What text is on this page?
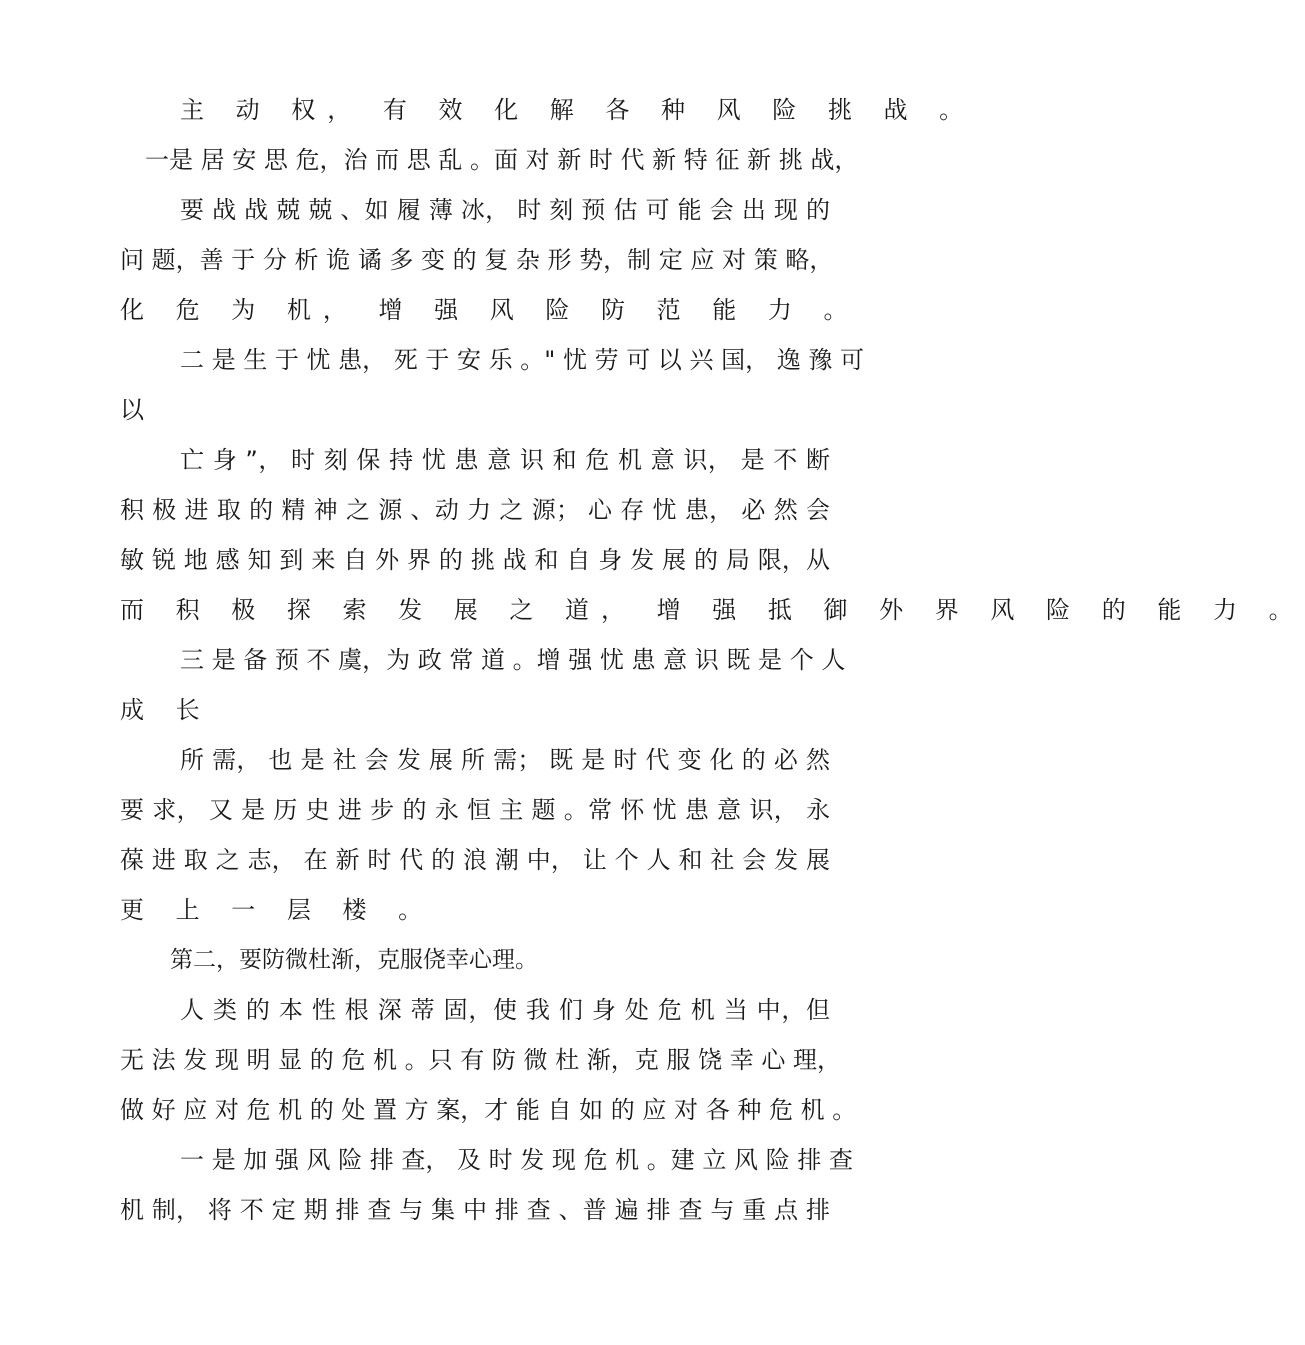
主 动 权， 有 效 化 解 各 种 风 险 挑 战 。
一是 居 安 思 危，治 而 思 乱 。面 对 新 时 代 新 特 征 新 挑 战，
要 战 战 兢 兢 、如 履 薄 冰， 时 刻 预 估 可 能 会 出 现 的
问 题，善 于 分 析 诡 谲 多 变 的 复 杂 形 势，制 定 应 对 策 略，
化 危 为 机， 增 强 风 险 防 范 能 力 。
二 是 生 于 忧 患， 死 于 安 乐 。" 忧 劳 可 以 兴 国， 逸 豫 可
以
亡 身 ”， 时 刻 保 持 忧 患 意 识 和 危 机 意 识， 是 不 断
积 极 进 取 的 精 神 之 源 、动 力 之 源； 心 存 忧 患， 必 然 会
敏 锐 地 感 知 到 来 自 外 界 的 挑 战 和 自 身 发 展 的 局 限，从
而 积 极 探 索 发 展 之 道， 增 强 抵 御 外 界 风 险 的 能 力 。
三 是 备 预 不 虞，为 政 常 道 。增 强 忧 患 意 识 既 是 个 人
成 长
所 需， 也 是 社 会 发 展 所 需； 既 是 时 代 变 化 的 必 然
要 求， 又 是 历 史 进 步 的 永 恒 主 题 。常 怀 忧 患 意 识， 永
葆 进 取 之 志， 在 新 时 代 的 浪 潮 中， 让 个 人 和 社 会 发 展
更 上 一 层 楼 。
第二，要防微杜渐，克服侥幸心理。
人 类 的 本 性 根 深 蒂 固，使 我 们 身 处 危 机 当 中，但
无 法 发 现 明 显 的 危 机 。只 有 防 微 杜 渐，克 服 饶 幸 心 理，
做 好 应 对 危 机 的 处 置 方 案，才 能 自 如 的 应 对 各 种 危 机 。
一 是 加 强 风 险 排 查， 及 时 发 现 危 机 。建 立 风 险 排 查
机 制， 将 不 定 期 排 查 与 集 中 排 查 、普 遍 排 查 与 重 点 排
